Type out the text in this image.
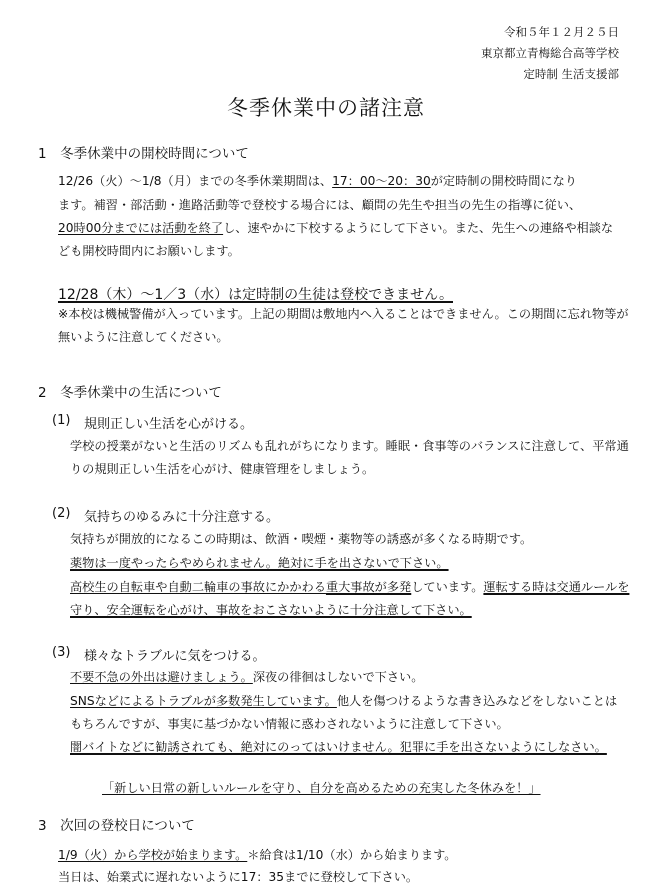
令和５年１２月２５日
東京都立青梅総合高等学校
定時制 生活支援部
冬季休業中の諸注意
1　冬季休業中の開校時間について
12/26（火）～1/8（月）までの冬季休業期間は、17：00～20：30が定時制の開校時間になり
ます。補習・部活動・進路活動等で登校する場合には、顧問の先生や担当の先生の指導に従い、
20時00分までには活動を終了し、速やかに下校するようにして下さい。また、先生への連絡や相談な
ども開校時間内にお願いします。
12/28（木）～1／3（水）は定時制の生徒は登校できません。
※本校は機械警備が入っています。上記の期間は敷地内へ入ることはできません。この期間に忘れ物等が
無いように注意してください。
2　冬季休業中の生活について
(1) 規則正しい生活を心がける。
学校の授業がないと生活のリズムも乱れがちになります。睡眠・食事等のバランスに注意して、平常通
りの規則正しい生活を心がけ、健康管理をしましょう。
(2) 気持ちのゆるみに十分注意する。
気持ちが開放的になるこの時期は、飲酒・喫煙・薬物等の誘惑が多くなる時期です。
薬物は一度やったらやめられません。絶対に手を出さないで下さい。
高校生の自転車や自動二輪車の事故にかかわる重大事故が多発しています。運転する時は交通ルールを
守り、安全運転を心がけ、事故をおこさないように十分注意して下さい。
(3) 様々なトラブルに気をつける。
不要不急の外出は避けましょう。深夜の徘徊はしないで下さい。
SNSなどによるトラブルが多数発生しています。他人を傷つけるような書き込みなどをしないことは
もちろんですが、事実に基づかない情報に惑わされないように注意して下さい。
闇バイトなどに勧誘されても、絶対にのってはいけません。犯罪に手を出さないようにしなさい。
「新しい日常の新しいルールを守り、自分を高めるための充実した冬休みを！」
3　次回の登校日について
1/9（火）から学校が始まります。＊給食は1/10（水）から始まります。
当日は、始業式に遅れないように17：35までに登校して下さい。
